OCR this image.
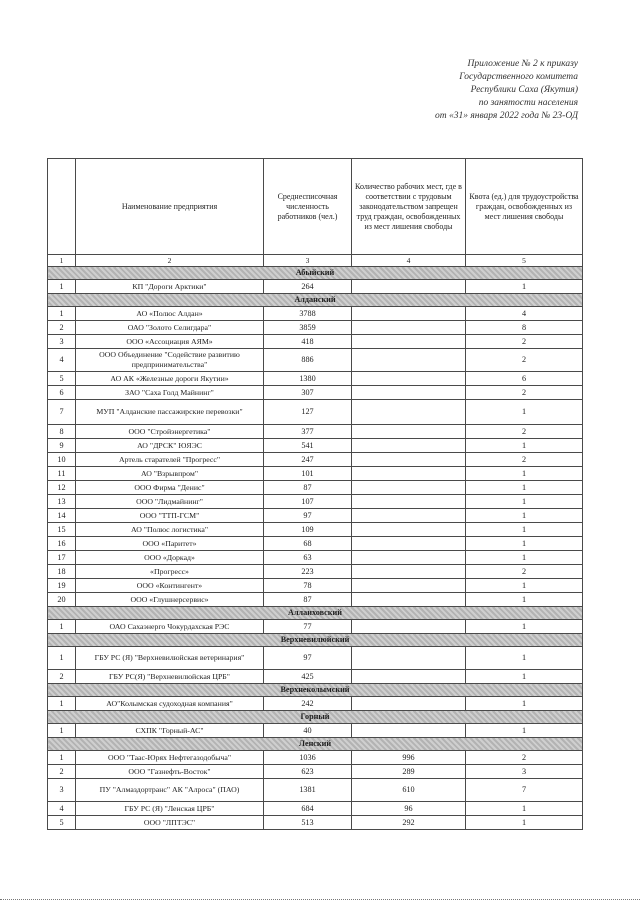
Приложение № 2 к приказу
Государственного комитета
Республики Саха (Якутия)
по занятости населения
от «31» января 2022 года № 23-ОД
	Наименование предприятия	Среднесписочная численность работников (чел.)	Количество рабочих мест, где в соответствии с трудовым законодательством запрещен труд граждан, освобожденных из мест лишения свободы	Квота (ед.) для трудоустройства граждан, освобожденных из мест лишения свободы
1	2	3	4	5
Абыйский				
1	КП "Дороги Арктики"	264		1
Алданский				
1	АО «Полюс Алдан»	3788		4
2	ОАО "Золото Селигдара"	3859		8
3	ООО «Ассоциация АЯМ»	418		2
4	ООО Объединение "Содействие развитию предпринимательства"	886		2
5	АО АК «Железные дороги Якутии»	1380		6
6	ЗАО "Саха Голд Майнинг"	307		2
7	МУП "Алданские пассажирские перевозки"	127		1
8	ООО "Стройэнергетика"	377		2
9	АО "ДРСК" ЮЯЭС	541		1
10	Артель старателей "Прогресс"	247		2
11	АО "Взрывпром"	101		1
12	ООО Фирма "Денис"	87		1
13	ООО "Лидмайнинг"	107		1
14	ООО "ТТП-ГСМ"	97		1
15	АО "Полюс логистика"	109		1
16	ООО «Паритет»	68		1
17	ООО «Доркад»	63		1
18	«Прогресс»	223		2
19	ООО «Контингент»	78		1
20	ООО «Глушнерсервис»	87		1
Аллаиховский				
1	ОАО Сахаэнерго Чокурдахская РЭС	77		1
Верхневилюйский				
1	ГБУ РС (Я) "Верхневилюйская ветеринария"	97		1
2	ГБУ РС(Я) "Верхневилюйская ЦРБ"	425		1
Верхнеколымский				
1	АО"Колымская судоходная компания"	242		1
Горный				
1	СХПК "Горный-АС"	40		1
Ленский				
1	ООО "Таас-Юрях Нефтегазодобыча"	1036	996	2
2	ООО "Газнефть-Восток"	623	289	3
3	ПУ "Алмаздортранс" АК "Алроса" (ПАО)	1381	610	7
4	ГБУ РС (Я) "Ленская ЦРБ"	684	96	1
5	ООО "ЛПТЭС"	513	292	1
